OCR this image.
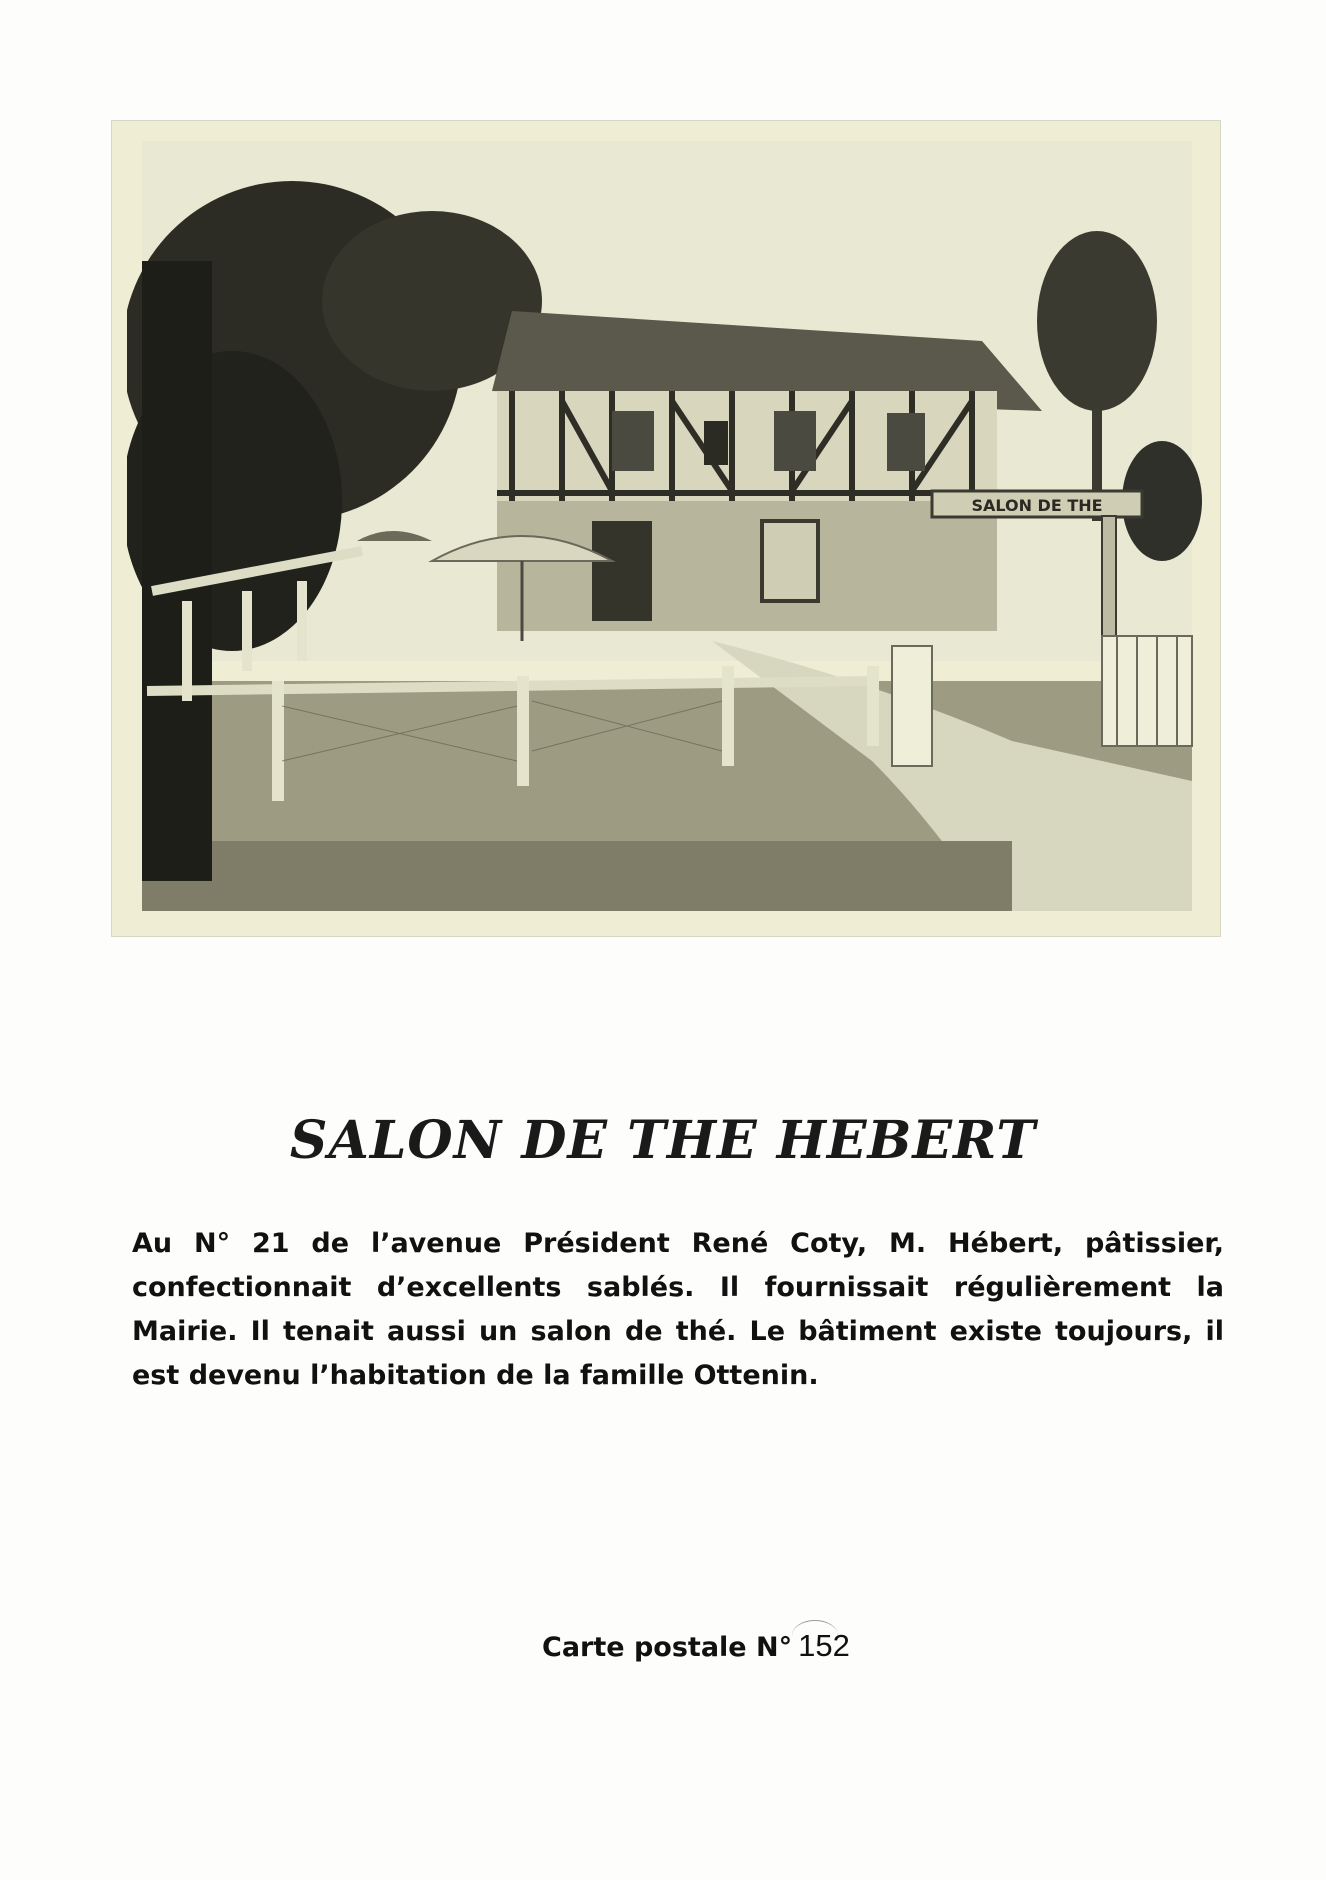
SALON DE THE
SALON DE THE HEBERT
Au N° 21 de l’avenue Président René Coty, M. Hébert, pâtissier, confectionnait d’excellents sablés. Il fournissait régulièrement la Mairie. Il tenait aussi un salon de thé. Le bâtiment existe toujours, il est devenu l’habitation de la famille Ottenin.
Carte postale N° 152
